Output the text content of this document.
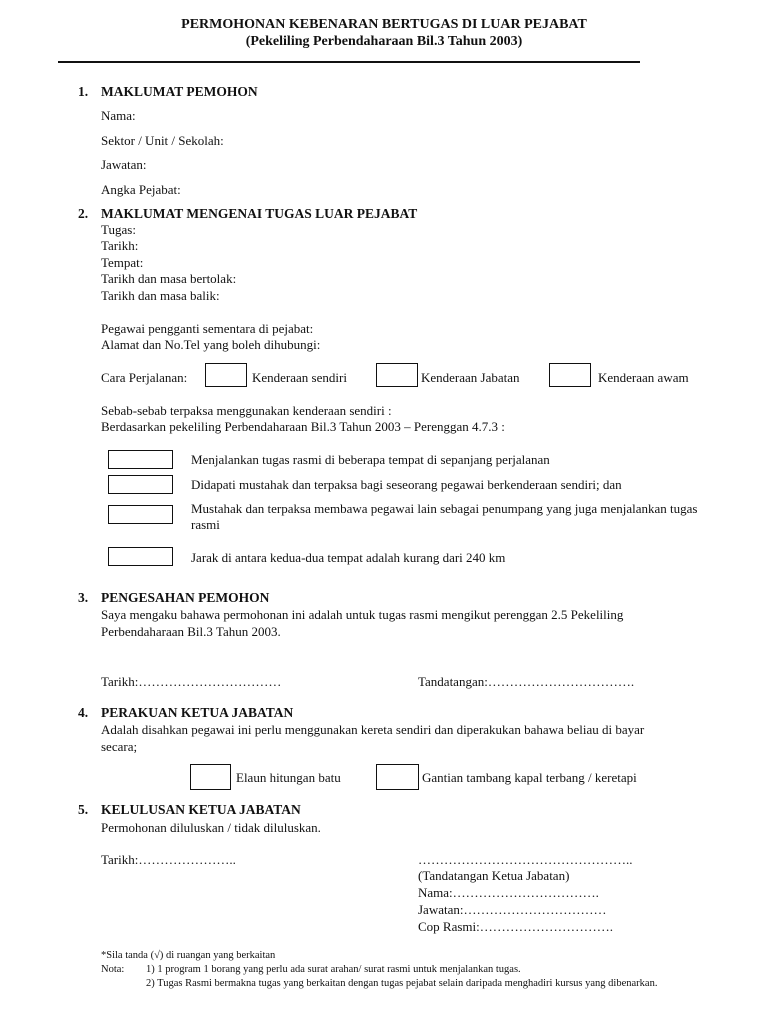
PERMOHONAN KEBENARAN BERTUGAS DI LUAR PEJABAT
(Pekeliling Perbendaharaan Bil.3 Tahun 2003)
1. MAKLUMAT PEMOHON
Nama:
Sektor / Unit / Sekolah:
Jawatan:
Angka Pejabat:
2. MAKLUMAT MENGENAI TUGAS LUAR PEJABAT
Tugas:
Tarikh:
Tempat:
Tarikh dan masa bertolak:
Tarikh dan masa balik:
Pegawai pengganti sementara di pejabat:
Alamat dan No.Tel yang boleh dihubungi:
Cara Perjalanan:	Kenderaan sendiri	Kenderaan Jabatan	Kenderaan awam
Sebab-sebab terpaksa menggunakan kenderaan sendiri :
Berdasarkan pekeliling Perbendaharaan Bil.3 Tahun 2003 – Perenggan 4.7.3 :
Menjalankan tugas rasmi di beberapa tempat di sepanjang perjalanan
Didapati mustahak dan terpaksa bagi seseorang pegawai berkenderaan sendiri; dan
Mustahak dan terpaksa membawa pegawai lain sebagai penumpang yang juga menjalankan tugas rasmi
Jarak di antara kedua-dua tempat adalah kurang dari 240 km
3. PENGESAHAN PEMOHON
Saya mengaku bahawa permohonan ini adalah untuk tugas rasmi mengikut perenggan 2.5 Pekeliling
Perbendaharaan Bil.3 Tahun 2003.
Tarikh:……………………………	Tandatangan:…………………………….
4. PERAKUAN KETUA JABATAN
Adalah disahkan pegawai ini perlu menggunakan kereta sendiri dan diperakukan bahawa beliau di bayar
secara;
Elaun hitungan batu	Gantian tambang kapal terbang / keretapi
5. KELULUSAN KETUA JABATAN
Permohonan diluluskan / tidak diluluskan.
Tarikh:…………………..	…………………………………………..
(Tandatangan Ketua Jabatan)
Nama:…………………………….
Jawatan:……………………………
Cop Rasmi:………………………….
*Sila tanda (√) di ruangan yang berkaitan
Nota: 1) 1 program 1 borang yang perlu ada surat arahan/ surat rasmi untuk menjalankan tugas.
2) Tugas Rasmi bermakna tugas yang berkaitan dengan tugas pejabat selain daripada menghadiri kursus yang dibenarkan.
